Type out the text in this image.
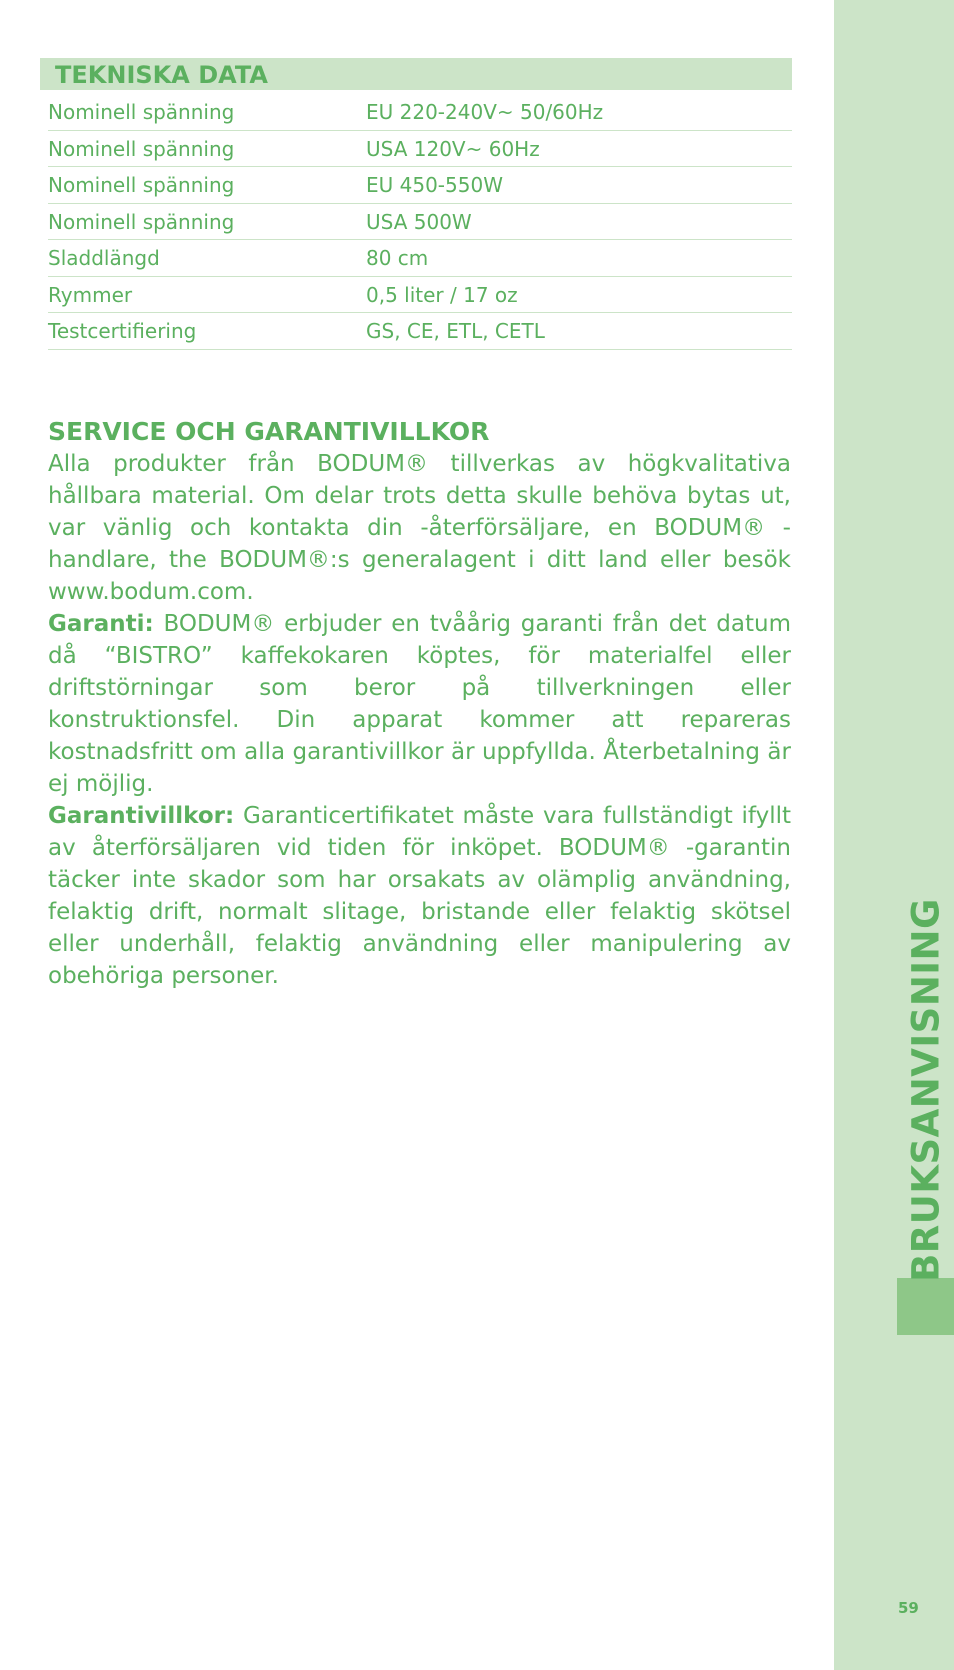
BRUKSANVISNING
59
TEKNISKA DATA
Nominell spänning	EU 220-240V~ 50/60Hz
Nominell spänning	USA 120V~ 60Hz
Nominell spänning	EU 450-550W
Nominell spänning	USA 500W
Sladdlängd	80 cm
Rymmer	0,5 liter / 17 oz
Testcertifiering	GS, CE, ETL, CETL
SERVICE OCH GARANTIVILLKOR

Alla produkter från BODUM® tillverkas av högkvalitativa hållbara material. Om delar trots detta skulle behöva bytas ut, var vänlig och kontakta din -återförsäljare, en BODUM® -handlare, the BODUM®:s generalagent i ditt land eller besök www.bodum.com.

Garanti: BODUM® erbjuder en tvåårig garanti från det datum då “BISTRO” kaffekokaren köptes, för materialfel eller driftstörningar som beror på tillverkningen eller konstruktionsfel. Din apparat kommer att repareras kostnadsfritt om alla garantivillkor är uppfyllda. Återbetalning är ej möjlig.

Garantivillkor: Garanticertifikatet måste vara fullständigt ifyllt av återförsäljaren vid tiden för inköpet. BODUM® -garantin täcker inte skador som har orsakats av olämplig användning, felaktig drift, normalt slitage, bristande eller felaktig skötsel eller underhåll, felaktig användning eller manipulering av obehöriga personer.
